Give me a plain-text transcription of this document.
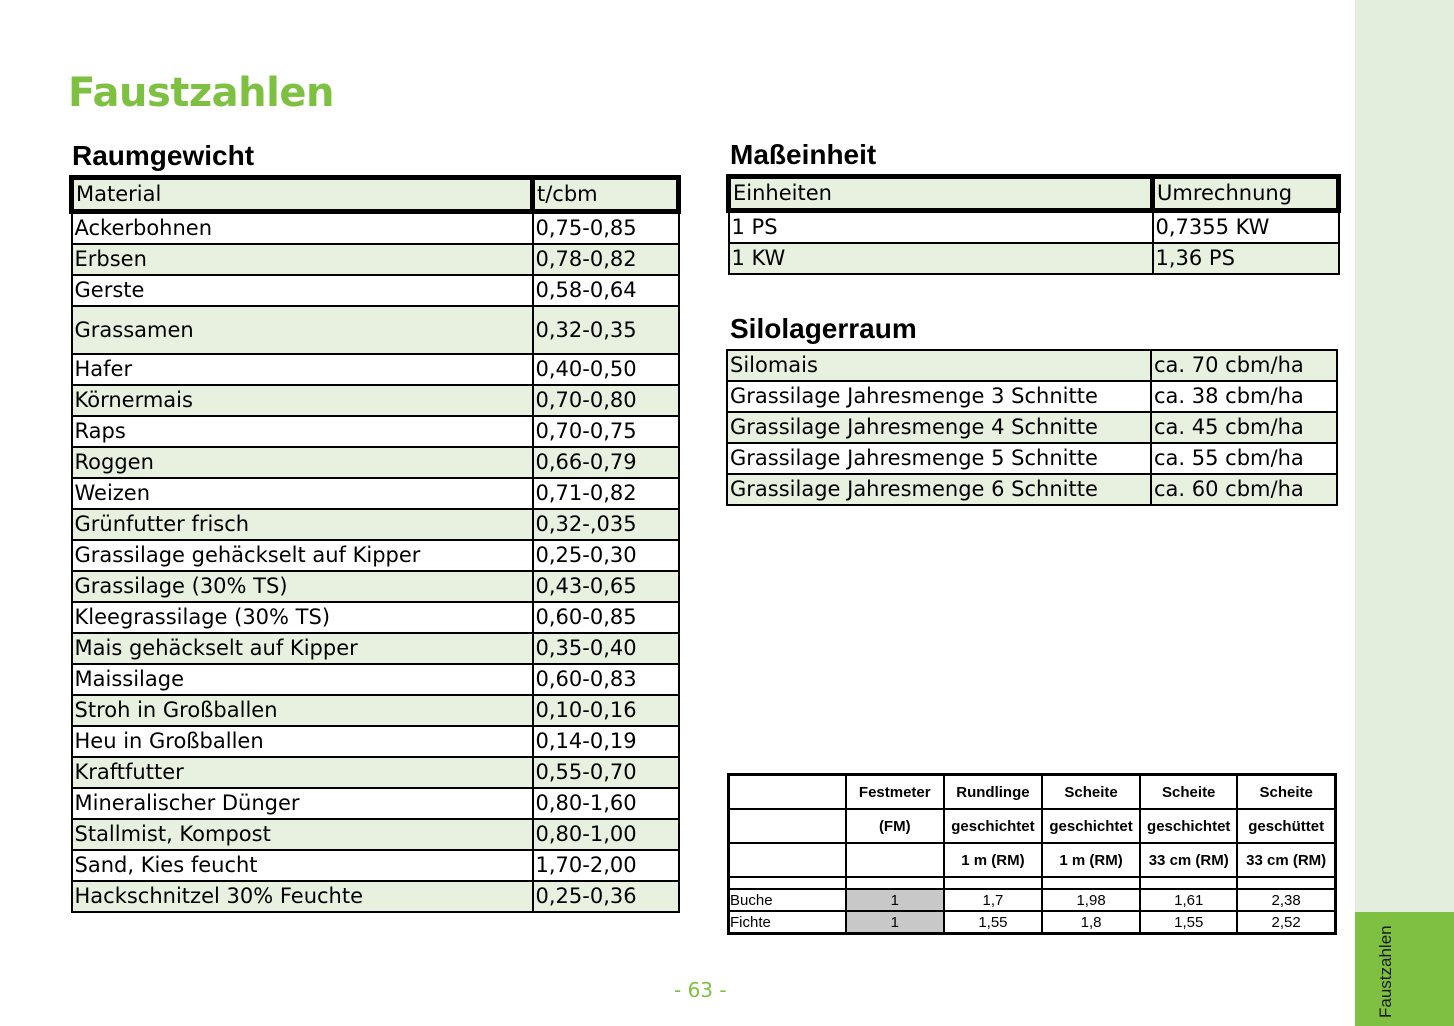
Faustzahlen
Faustzahlen
Raumgewicht
Material	t/cbm
Ackerbohnen	0,75-0,85
Erbsen	0,78-0,82
Gerste	0,58-0,64
Grassamen	0,32-0,35
Hafer	0,40-0,50
Körnermais	0,70-0,80
Raps	0,70-0,75
Roggen	0,66-0,79
Weizen	0,71-0,82
Grünfutter frisch	0,32-,035
Grassilage gehäckselt auf Kipper	0,25-0,30
Grassilage (30% TS)	0,43-0,65
Kleegrassilage (30% TS)	0,60-0,85
Mais gehäckselt auf Kipper	0,35-0,40
Maissilage	0,60-0,83
Stroh in Großballen	0,10-0,16
Heu in Großballen	0,14-0,19
Kraftfutter	0,55-0,70
Mineralischer Dünger	0,80-1,60
Stallmist, Kompost	0,80-1,00
Sand, Kies feucht	1,70-2,00
Hackschnitzel 30% Feuchte	0,25-0,36
Maßeinheit
Einheiten	Umrechnung
1 PS	0,7355 KW
1 KW	1,36 PS
Silolagerraum
Silomais	ca. 70 cbm/ha
Grassilage Jahresmenge 3 Schnitte	ca. 38 cbm/ha
Grassilage Jahresmenge 4 Schnitte	ca. 45 cbm/ha
Grassilage Jahresmenge 5 Schnitte	ca. 55 cbm/ha
Grassilage Jahresmenge 6 Schnitte	ca. 60 cbm/ha
	Festmeter	Rundlinge	Scheite	Scheite	Scheite
	(FM)	geschichtet	geschichtet	geschichtet	geschüttet
		1 m (RM)	1 m (RM)	33 cm (RM)	33 cm (RM)

Buche	1	1,7	1,98	1,61	2,38
Fichte	1	1,55	1,8	1,55	2,52
- 63 -
